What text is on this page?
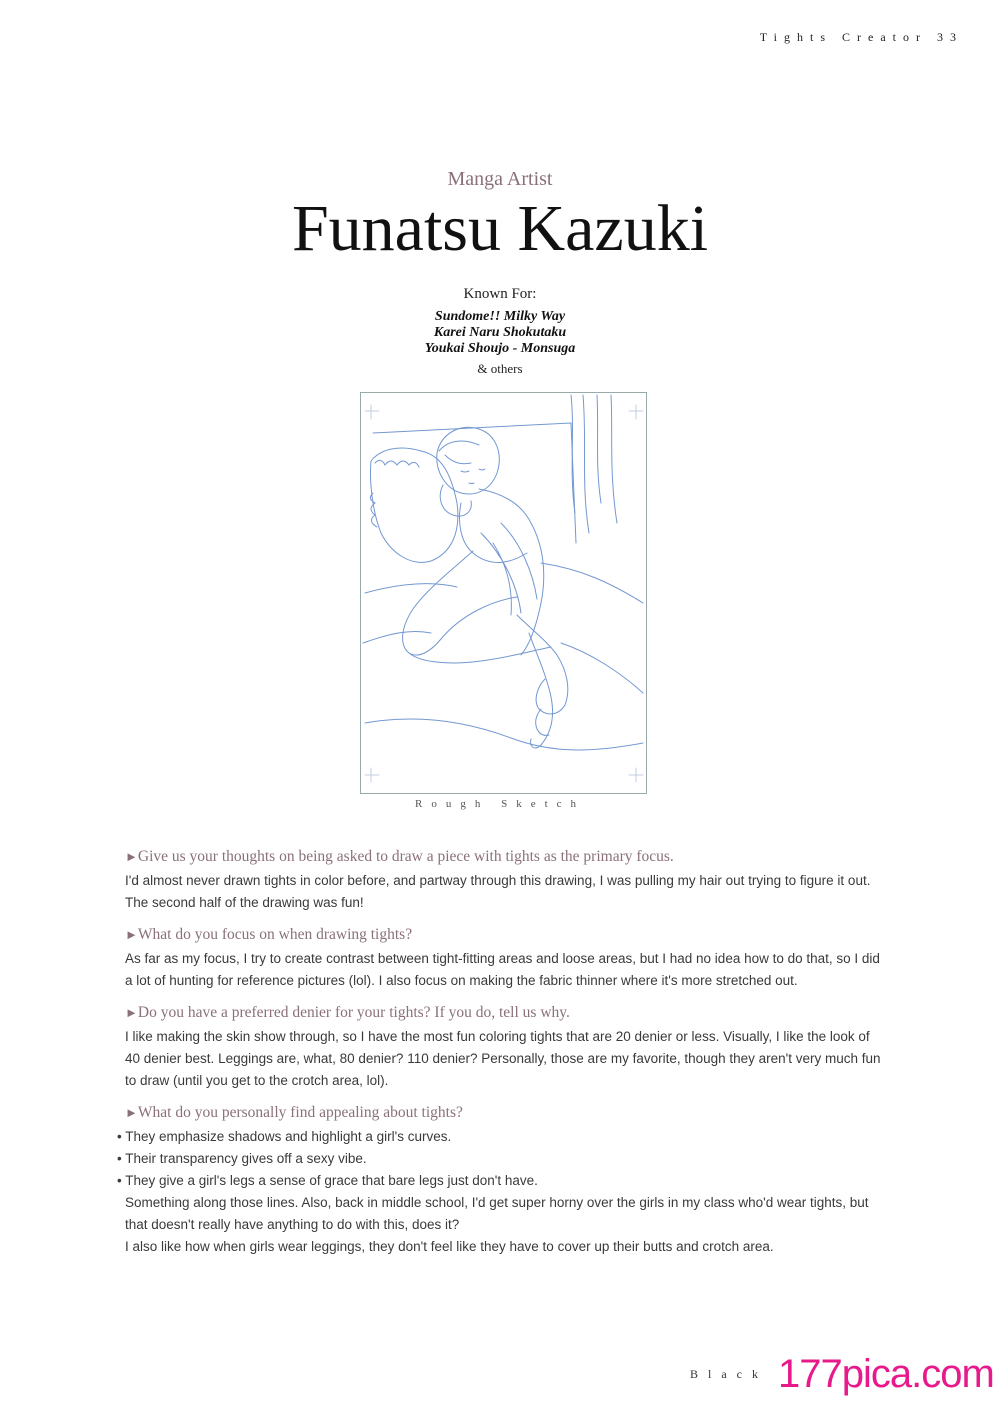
Tights Creator 33
Manga Artist
Funatsu Kazuki
Known For:
Sundome!! Milky Way
Karei Naru Shokutaku
Youkai Shoujo - Monsuga
& others
Rough Sketch
►Give us your thoughts on being asked to draw a piece with tights as the primary focus.

I'd almost never drawn tights in color before, and partway through this drawing, I was pulling my hair out trying to figure it out. The second half of the drawing was fun!

►What do you focus on when drawing tights?

As far as my focus, I try to create contrast between tight-fitting areas and loose areas, but I had no idea how to do that, so I did a lot of hunting for reference pictures (lol). I also focus on making the fabric thinner where it's more stretched out.

►Do you have a preferred denier for your tights? If you do, tell us why.

I like making the skin show through, so I have the most fun coloring tights that are 20 denier or less. Visually, I like the look of 40 denier best. Leggings are, what, 80 denier? 110 denier? Personally, those are my favorite, though they aren't very much fun to draw (until you get to the crotch area, lol).

►What do you personally find appealing about tights?
• They emphasize shadows and highlight a girl's curves.
• Their transparency gives off a sexy vibe.
• They give a girl's legs a sense of grace that bare legs just don't have.

Something along those lines. Also, back in middle school, I'd get super horny over the girls in my class who'd wear tights, but that doesn't really have anything to do with this, does it?

I also like how when girls wear leggings, they don't feel like they have to cover up their butts and crotch area.

Black 177pica.com
